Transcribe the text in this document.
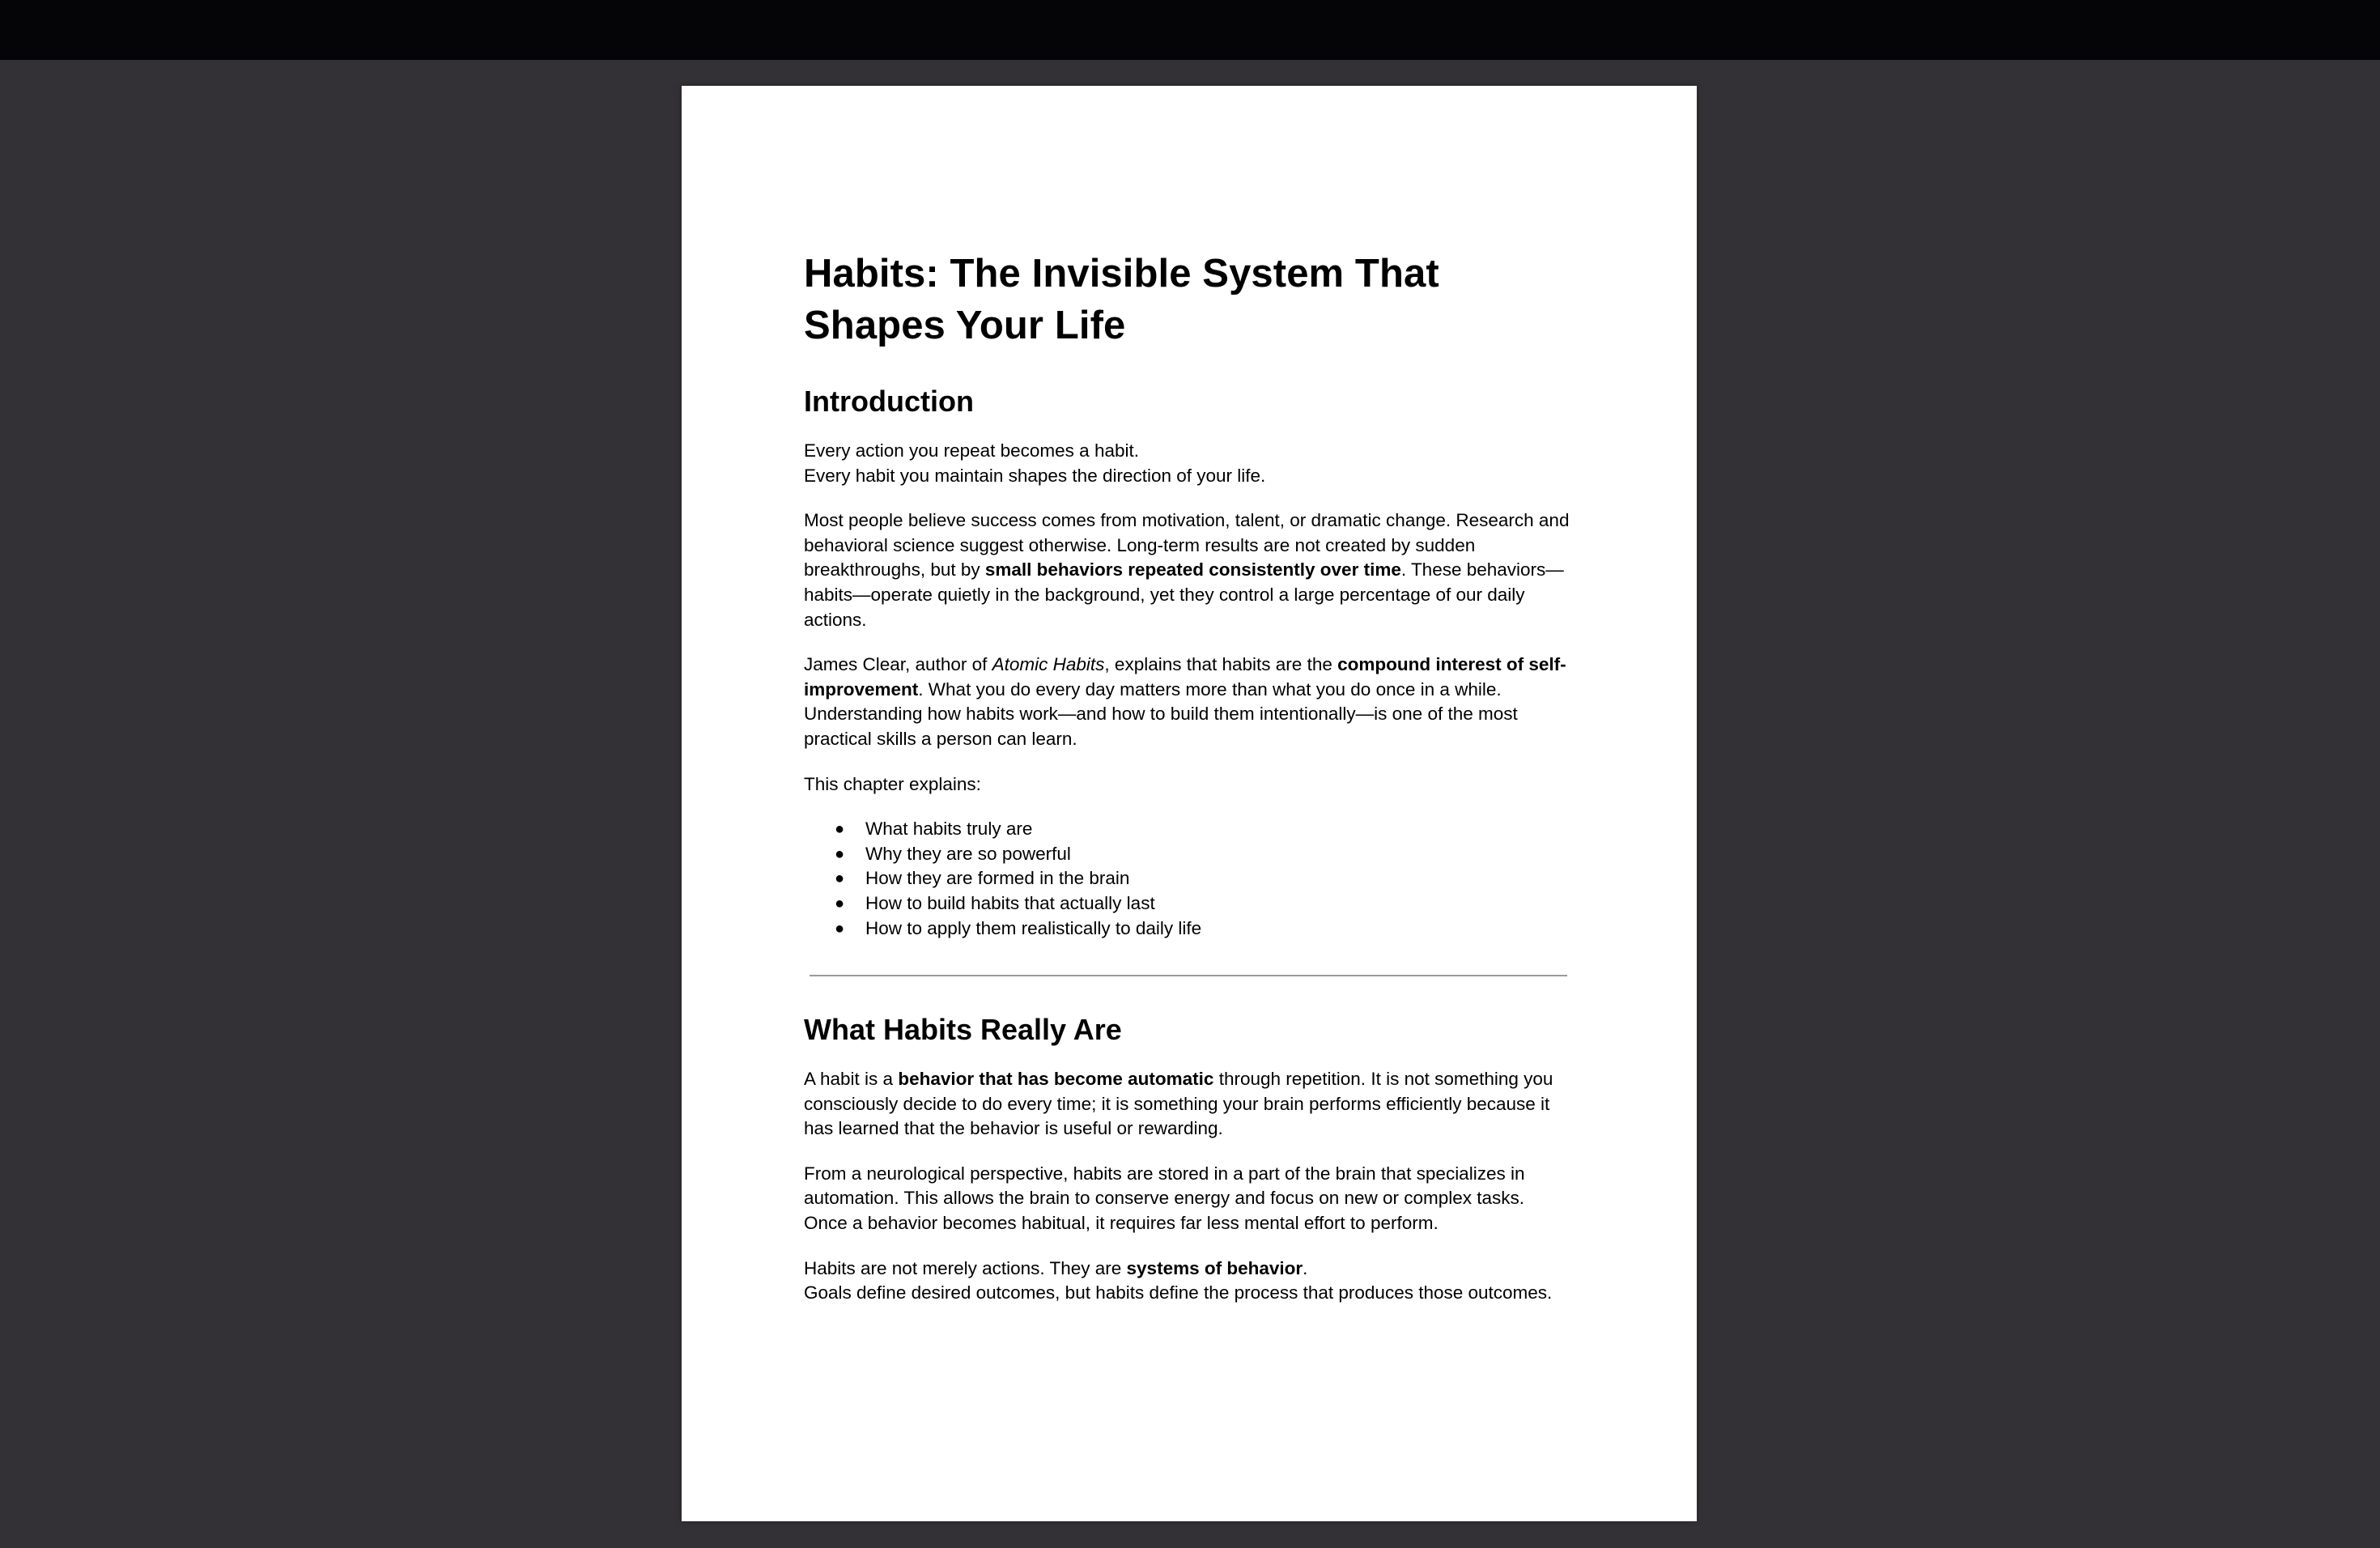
Habits: The Invisible System That Shapes Your Life
Introduction

Every action you repeat becomes a habit.
Every habit you maintain shapes the direction of your life.

Most people believe success comes from motivation, talent, or dramatic change. Research and behavioral science suggest otherwise. Long-term results are not created by sudden breakthroughs, but by small behaviors repeated consistently over time. These behaviors—habits—operate quietly in the background, yet they control a large percentage of our daily actions.

James Clear, author of Atomic Habits, explains that habits are the compound interest of self-improvement. What you do every day matters more than what you do once in a while. Understanding how habits work—and how to build them intentionally—is one of the most practical skills a person can learn.

This chapter explains:

● What habits truly are
● Why they are so powerful
● How they are formed in the brain
● How to build habits that actually last
● How to apply them realistically to daily life
What Habits Really Are

A habit is a behavior that has become automatic through repetition. It is not something you consciously decide to do every time; it is something your brain performs efficiently because it has learned that the behavior is useful or rewarding.

From a neurological perspective, habits are stored in a part of the brain that specializes in automation. This allows the brain to conserve energy and focus on new or complex tasks. Once a behavior becomes habitual, it requires far less mental effort to perform.

Habits are not merely actions. They are systems of behavior.
Goals define desired outcomes, but habits define the process that produces those outcomes.
